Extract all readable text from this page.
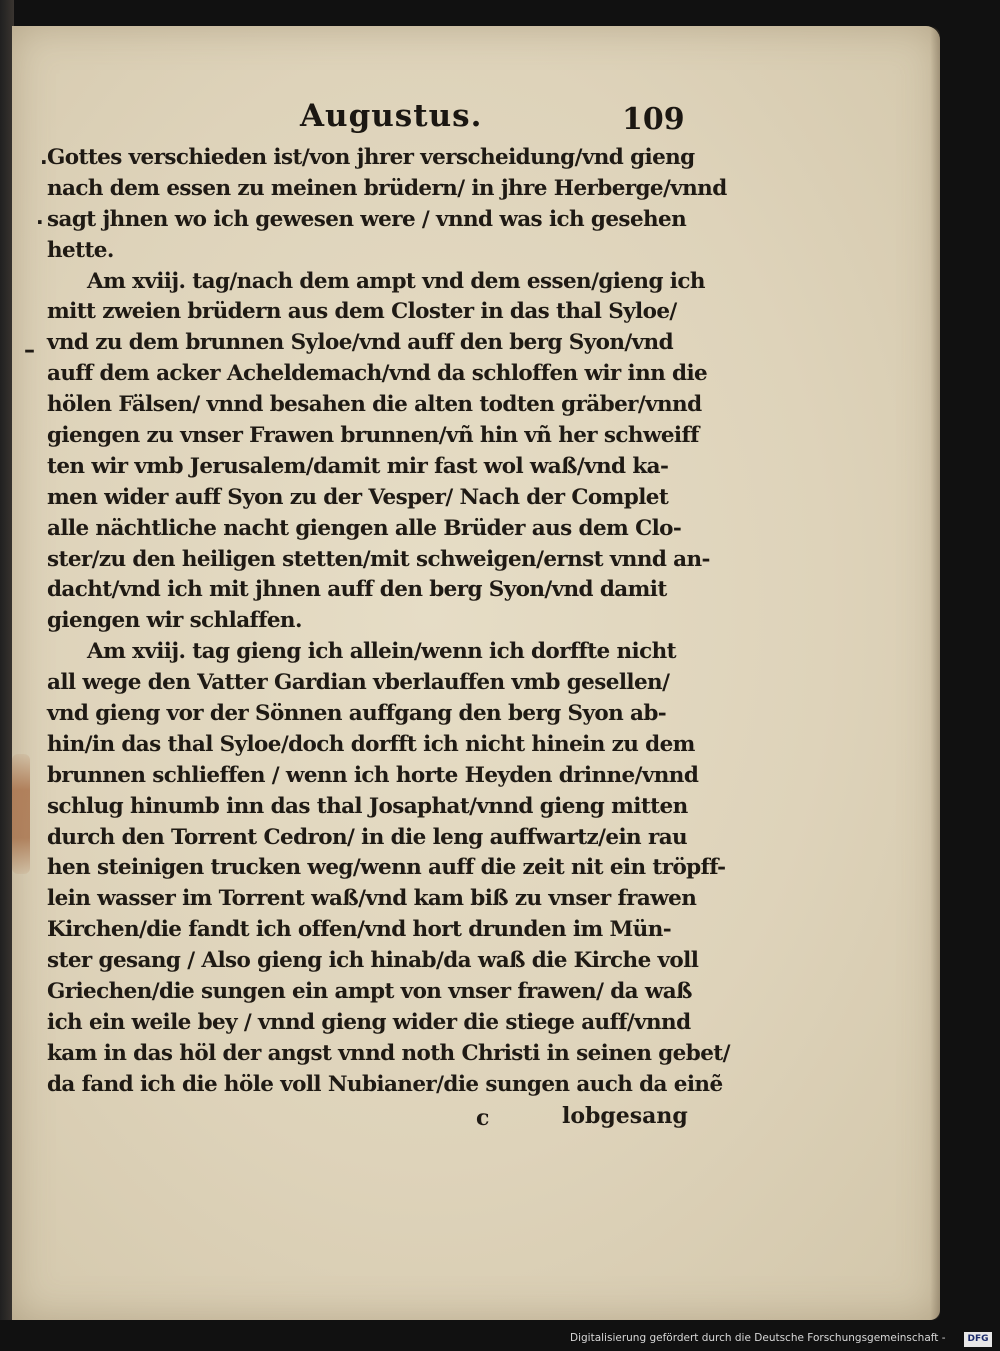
Augustus.	109
·
·
–
Gottes verschieden ist/von jhrer verscheidung/vnd gieng
nach dem essen zu meinen brüdern/ in jhre Herberge/vnnd
sagt jhnen wo ich gewesen were / vnnd was ich gesehen
hette.
Am xviij. tag/nach dem ampt vnd dem essen/gieng ich
mitt zweien brüdern aus dem Closter in das thal Syloe/
vnd zu dem brunnen Syloe/vnd auff den berg Syon/vnd
auff dem acker Acheldemach/vnd da schloffen wir inn die
hölen Fälsen/ vnnd besahen die alten todten gräber/vnnd
giengen zu vnser Frawen brunnen/vñ hin vñ her schweiff
ten wir vmb Jerusalem/damit mir fast wol waß/vnd ka-
men wider auff Syon zu der Vesper/ Nach der Complet
alle nächtliche nacht giengen alle Brüder aus dem Clo-
ster/zu den heiligen stetten/mit schweigen/ernst vnnd an-
dacht/vnd ich mit jhnen auff den berg Syon/vnd damit
giengen wir schlaffen.
Am xviij. tag gieng ich allein/wenn ich dorffte nicht
all wege den Vatter Gardian vberlauffen vmb gesellen/
vnd gieng vor der Sönnen auffgang den berg Syon ab-
hin/in das thal Syloe/doch dorfft ich nicht hinein zu dem
brunnen schlieffen / wenn ich horte Heyden drinne/vnnd
schlug hinumb inn das thal Josaphat/vnnd gieng mitten
durch den Torrent Cedron/ in die leng auffwartz/ein rau
hen steinigen trucken weg/wenn auff die zeit nit ein tröpff-
lein wasser im Torrent waß/vnd kam biß zu vnser frawen
Kirchen/die fandt ich offen/vnd hort drunden im Mün-
ster gesang / Also gieng ich hinab/da waß die Kirche voll
Griechen/die sungen ein ampt von vnser frawen/ da waß
ich ein weile bey / vnnd gieng wider die stiege auff/vnnd
kam in das höl der angst vnnd noth Christi in seinen gebet/
da fand ich die höle voll Nubianer/die sungen auch da einẽ
c	lobgesang
Digitalisierung gefördert durch die Deutsche Forschungsgemeinschaft -	DFG
